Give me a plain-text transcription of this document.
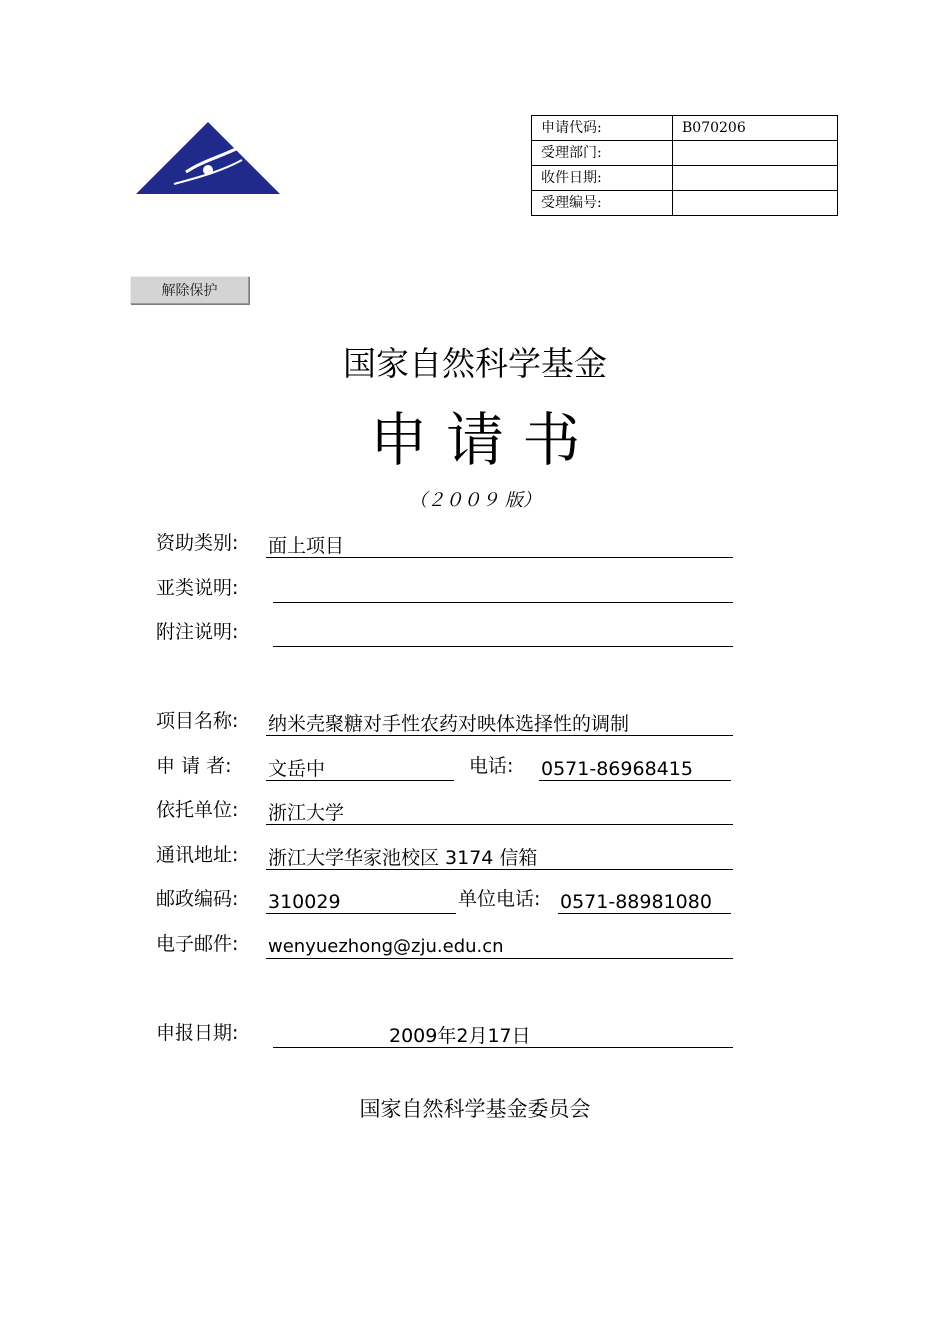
申请代码:	B070206
受理部门:	
收件日期:	
受理编号:	
解除保护
国家自然科学基金
申 请 书
（２００９ 版）
资助类别: 面上项目
亚类说明:
附注说明:
项目名称: 纳米壳聚糖对手性农药对映体选择性的调制
申 请 者: 文岳中	电话: 0571-86968415
依托单位: 浙江大学
通讯地址: 浙江大学华家池校区 3174 信箱
邮政编码: 310029	单位电话: 0571-88981080
电子邮件: wenyuezhong@zju.edu.cn
申报日期:	2009年2月17日
国家自然科学基金委员会
